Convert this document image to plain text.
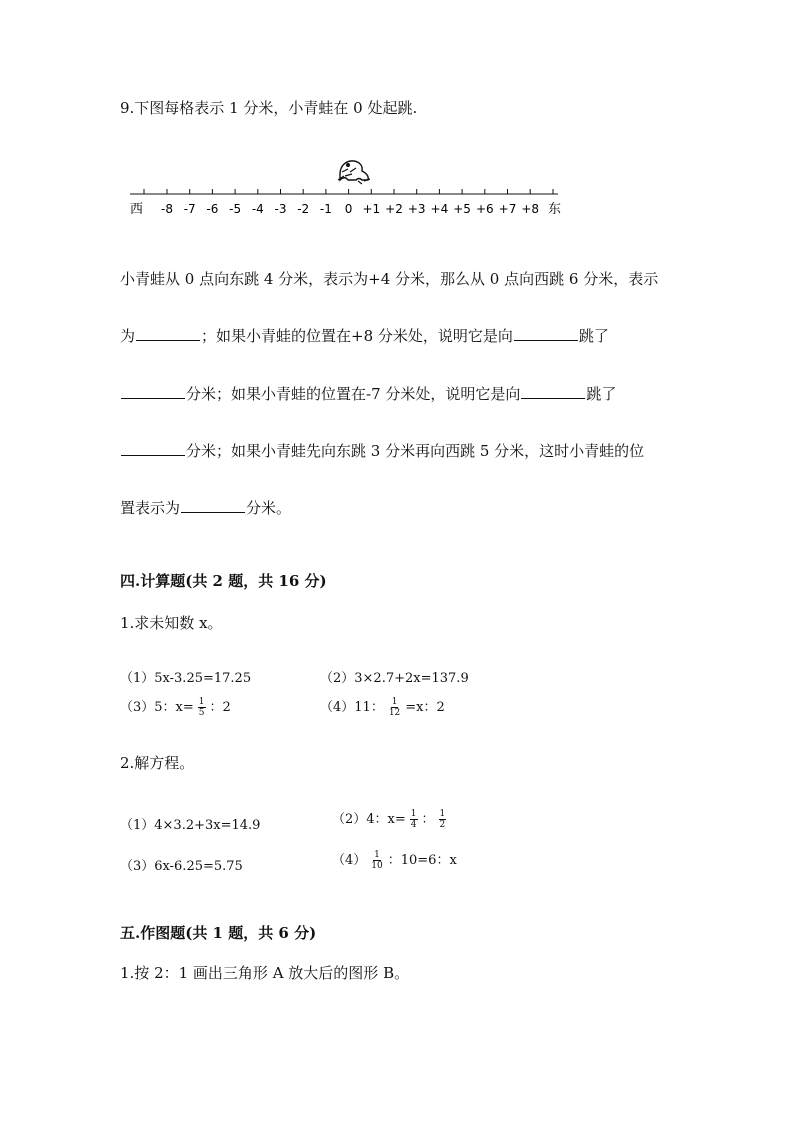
9.下图每格表示 1 分米，小青蛙在 0 处起跳.
西	东
-8 -7 -6 -5 -4 -3 -2 -1 0 +1 +2 +3 +4 +5 +6 +7 +8
小青蛙从 0 点向东跳 4 分米，表示为+4 分米，那么从 0 点向西跳 6 分米，表示
为	；如果小青蛙的位置在+8 分米处，说明它是向	跳了
分米；如果小青蛙的位置在-7 分米处，说明它是向	跳了
分米；如果小青蛙先向东跳 3 分米再向西跳 5 分米，这时小青蛙的位
置表示为	分米。
四.计算题(共 2 题，共 16 分)
1.求未知数 x。
（1）5x-3.25=17.25	（2）3×2.7+2x=137.9
（3）5：$x= \frac{1}{5}$ ：2	（4）11： $\frac{1}{12} =x$：2
2.解方程。
（1）4×3.2+3x=14.9	（2）4：$x= \frac{1}{4}$ ： $\frac{1}{2}$
（3）6x-6.25=5.75	$(4) \frac{1}{10}$ ：10=6：x
五.作图题(共 1 题，共 6 分)
1.按 2：1 画出三角形 A 放大后的图形 B。
